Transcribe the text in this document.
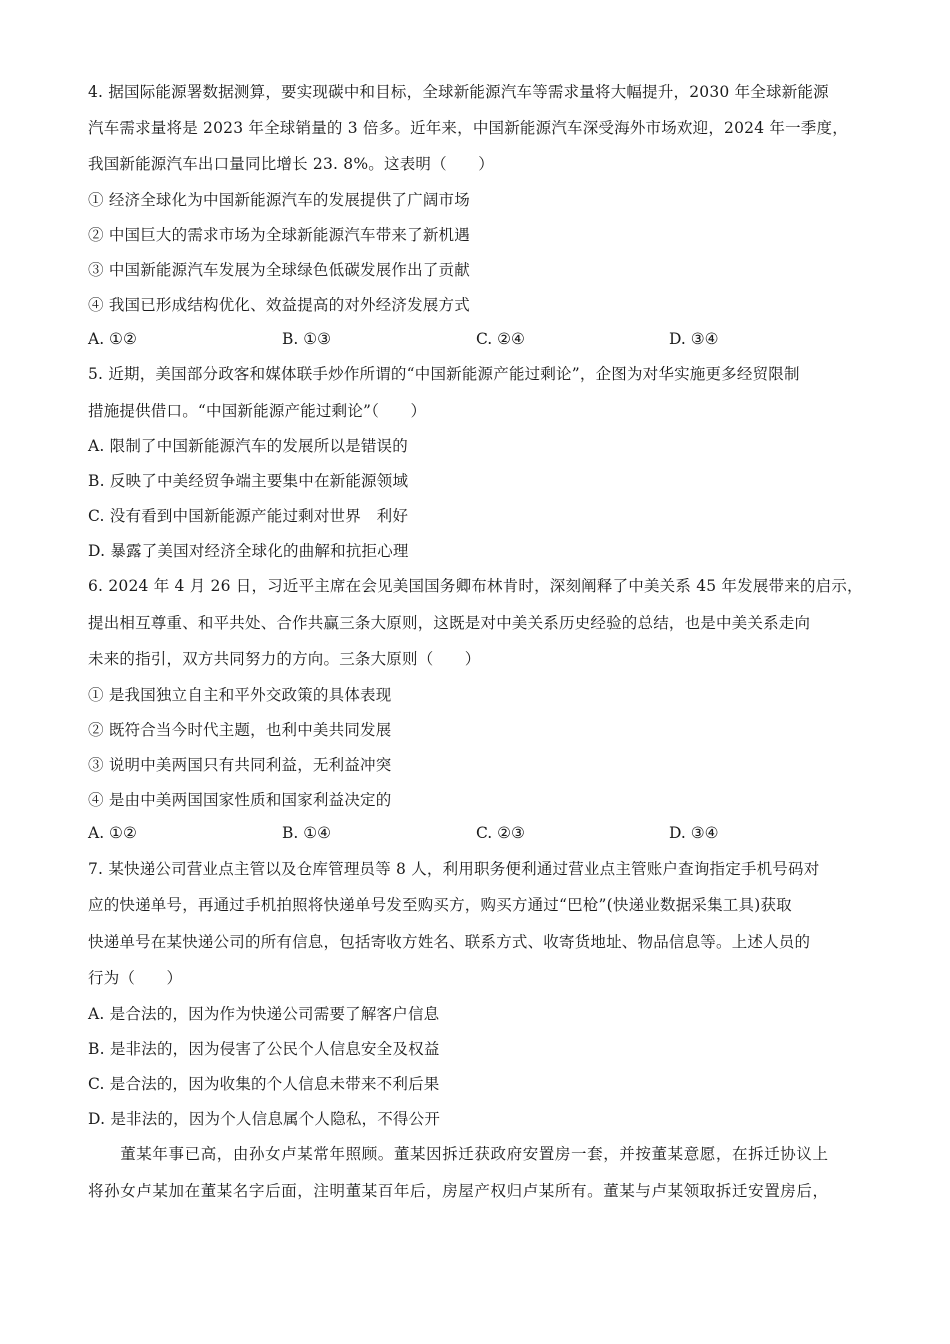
4. 据国际能源署数据测算，要实现碳中和目标，全球新能源汽车等需求量将大幅提升，2030 年全球新能源
汽车需求量将是 2023 年全球销量的 3 倍多。近年来，中国新能源汽车深受海外市场欢迎，2024 年一季度，
我国新能源汽车出口量同比增长 23. 8%。这表明（　　）
① 经济全球化为中国新能源汽车的发展提供了广阔市场
② 中国巨大的需求市场为全球新能源汽车带来了新机遇
③ 中国新能源汽车发展为全球绿色低碳发展作出了贡献
④ 我国已形成结构优化、效益提高的对外经济发展方式
A. ①②	B. ①③	C. ②④	D. ③④
5. 近期，美国部分政客和媒体联手炒作所谓的“中国新能源产能过剩论”，企图为对华实施更多经贸限制
措施提供借口。“中国新能源产能过剩论”（　　）
A. 限制了中国新能源汽车的发展所以是错误的
B. 反映了中美经贸争端主要集中在新能源领域
C. 没有看到中国新能源产能过剩对世界　利好
D. 暴露了美国对经济全球化的曲解和抗拒心理
6. 2024 年 4 月 26 日，习近平主席在会见美国国务卿布林肯时，深刻阐释了中美关系 45 年发展带来的启示，
提出相互尊重、和平共处、合作共赢三条大原则，这既是对中美关系历史经验的总结，也是中美关系走向
未来的指引，双方共同努力的方向。三条大原则（　　）
① 是我国独立自主和平外交政策的具体表现
② 既符合当今时代主题，也利中美共同发展
③ 说明中美两国只有共同利益，无利益冲突
④ 是由中美两国国家性质和国家利益决定的
A. ①②	B. ①④	C. ②③	D. ③④
7. 某快递公司营业点主管以及仓库管理员等 8 人，利用职务便利通过营业点主管账户查询指定手机号码对
应的快递单号，再通过手机拍照将快递单号发至购买方，购买方通过“巴枪”(快递业数据采集工具)获取
快递单号在某快递公司的所有信息，包括寄收方姓名、联系方式、收寄货地址、物品信息等。上述人员的
行为（　　）
A. 是合法的，因为作为快递公司需要了解客户信息
B. 是非法的，因为侵害了公民个人信息安全及权益
C. 是合法的，因为收集的个人信息未带来不利后果
D. 是非法的，因为个人信息属个人隐私，不得公开
　　董某年事已高，由孙女卢某常年照顾。董某因拆迁获政府安置房一套，并按董某意愿，在拆迁协议上
将孙女卢某加在董某名字后面，注明董某百年后，房屋产权归卢某所有。董某与卢某领取拆迁安置房后，
